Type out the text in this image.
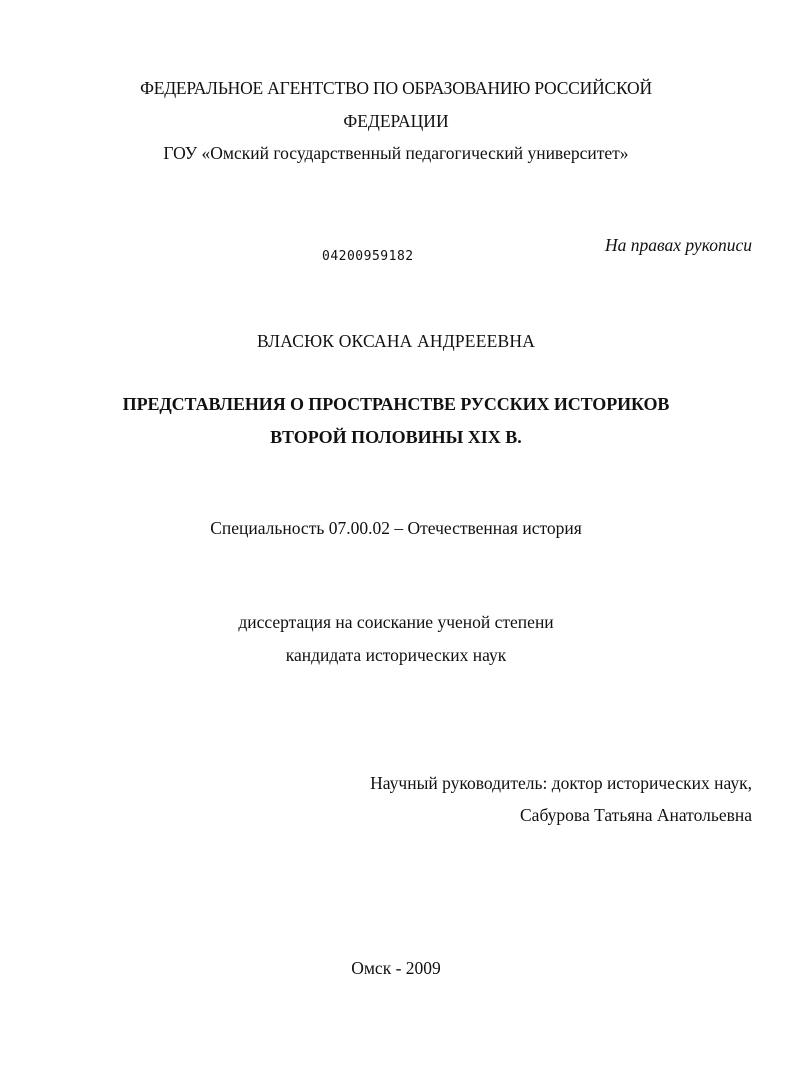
ФЕДЕРАЛЬНОЕ АГЕНТСТВО ПО ОБРАЗОВАНИЮ РОССИЙСКОЙ
ФЕДЕРАЦИИ
ГОУ «Омский государственный педагогический университет»
На правах рукописи
04200959182
ВЛАСЮК ОКСАНА АНДРЕЕЕВНА
ПРЕДСТАВЛЕНИЯ О ПРОСТРАНСТВЕ РУССКИХ ИСТОРИКОВ
ВТОРОЙ ПОЛОВИНЫ XIX В.
Специальность 07.00.02 – Отечественная история
диссертация на соискание ученой степени
кандидата исторических наук
Научный руководитель: доктор исторических наук,
Сабурова Татьяна Анатольевна
Омск - 2009
